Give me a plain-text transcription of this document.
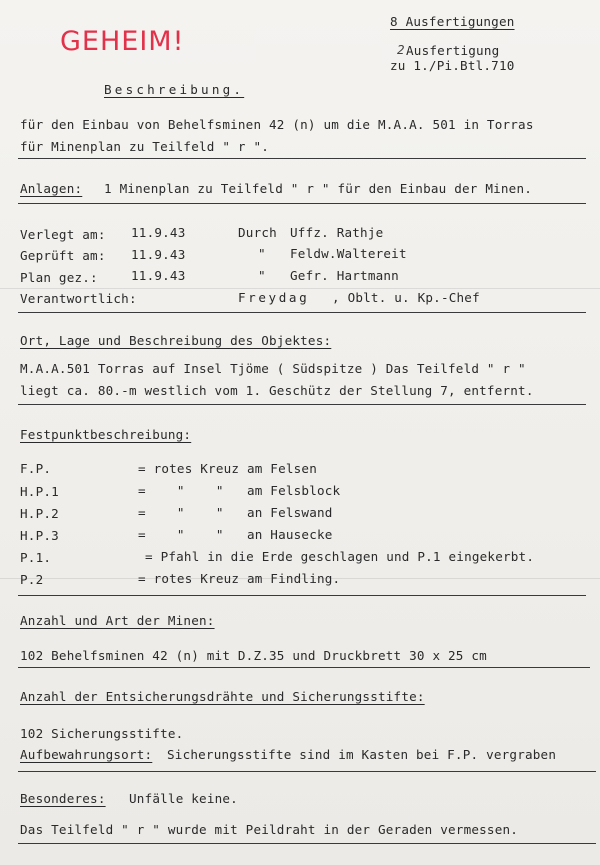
GEHEIM!
8 Ausfertigungen
2 Ausfertigung
zu 1./Pi.Btl.710
Beschreibung.
für den Einbau von Behelfsminen 42 (n) um die M.A.A. 501 in Torras
für Minenplan zu Teilfeld " r ".
Anlagen: 1 Minenplan zu Teilfeld " r " für den Einbau der Minen.
Verlegt am: 11.9.43	Durch Uffz. Rathje
Geprüft am: 11.9.43	" Feldw.Waltereit
Plan gez.:	11.9.43	" Gefr. Hartmann
Verantwortlich:	Freydag , Oblt. u. Kp.-Chef
Ort, Lage und Beschreibung des Objektes:
M.A.A.501 Torras auf Insel Tjöme ( Südspitze ) Das Teilfeld " r "
liegt ca. 80.-m westlich vom 1. Geschütz der Stellung 7, entfernt.
Festpunktbeschreibung:
F.P.	= rotes Kreuz am Felsen
H.P.1	=    "    "   am Felsblock
H.P.2	=    "    "   an Felswand
H.P.3	=    "    "   an Hausecke
P.1.	= Pfahl in die Erde geschlagen und P.1 eingekerbt.
P.2	= rotes Kreuz am Findling.
Anzahl und Art der Minen:
102 Behelfsminen 42 (n) mit D.Z.35 und Druckbrett 30 x 25 cm
Anzahl der Entsicherungsdrähte und Sicherungsstifte:
102 Sicherungsstifte.
Aufbewahrungsort: Sicherungsstifte sind im Kasten bei F.P. vergraben
Besonderes: Unfälle keine.
Das Teilfeld " r " wurde mit Peildraht in der Geraden vermessen.
